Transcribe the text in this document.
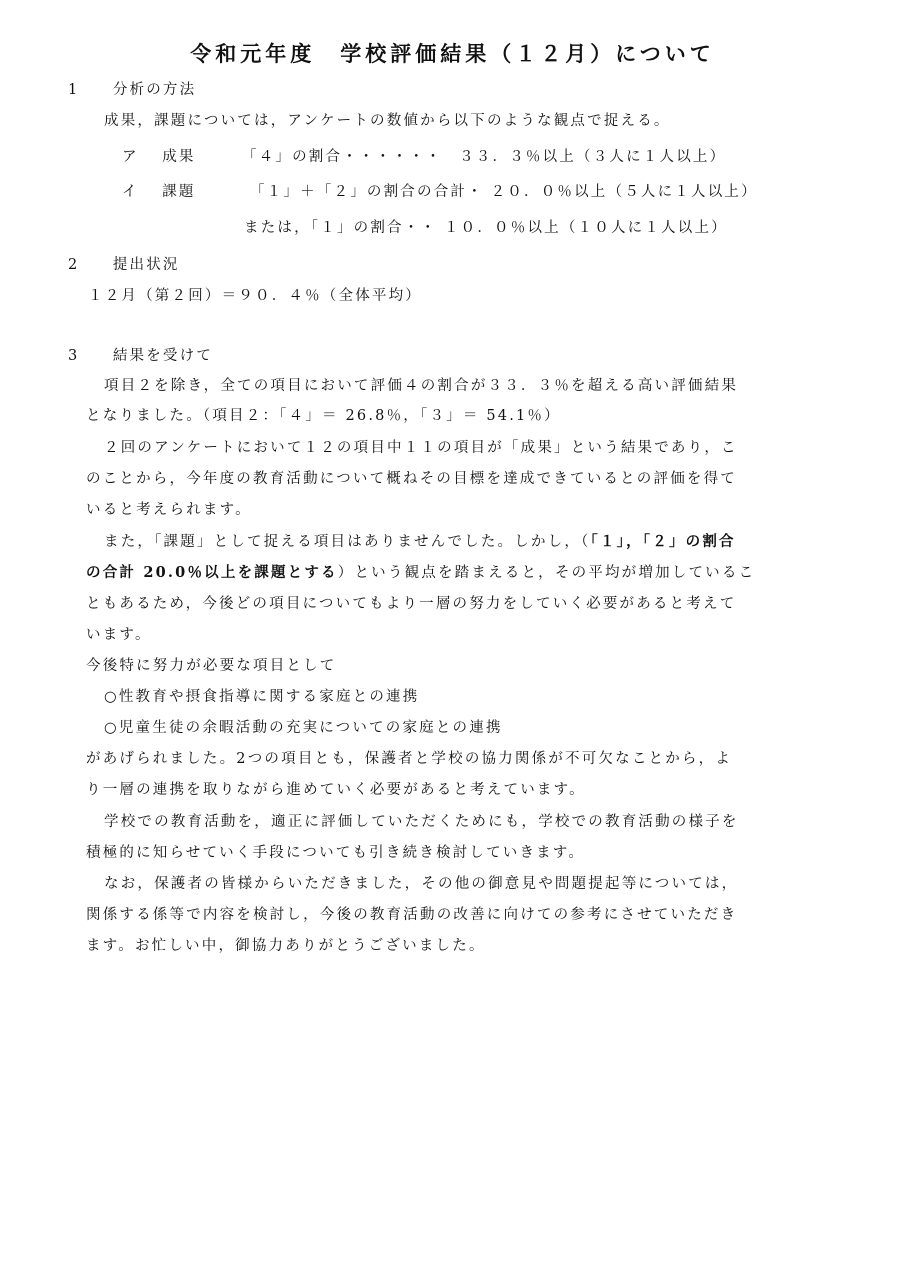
令和元年度　学校評価結果（１２月）について
1　　分析の方法
成果，課題については，アンケートの数値から以下のような観点で捉える。
ア　 成果	「４」の割合・・・・・・　３３．３％以上（３人に１人以上）
イ　 課題	「１」＋「２」の割合の合計・ ２０．０％以上（５人に１人以上）
または，「１」の割合・・ １０．０％以上（１０人に１人以上）
2　　提出状況
１２月（第２回）＝９０．４％（全体平均）
3　　結果を受けて
項目２を除き，全ての項目において評価４の割合が３３．３％を超える高い評価結果
となりました。（項目２：「４」＝ 26.8％，「３」＝ 54.1％）
２回のアンケートにおいて１２の項目中１１の項目が「成果」という結果であり，こ
のことから，今年度の教育活動について概ねその目標を達成できているとの評価を得て
いると考えられます。
また，「課題」として捉える項目はありませんでした。しかし，（「１」，「２」の割合
の合計 20.0％以上を課題とする）という観点を踏まえると，その平均が増加しているこ
ともあるため，今後どの項目についてもより一層の努力をしていく必要があると考えて
います。
今後特に努力が必要な項目として
○性教育や摂食指導に関する家庭との連携
○児童生徒の余暇活動の充実についての家庭との連携
があげられました。2つの項目とも，保護者と学校の協力関係が不可欠なことから，よ
り一層の連携を取りながら進めていく必要があると考えています。
学校での教育活動を，適正に評価していただくためにも，学校での教育活動の様子を
積極的に知らせていく手段についても引き続き検討していきます。
なお，保護者の皆様からいただきました，その他の御意見や問題提起等については，
関係する係等で内容を検討し，今後の教育活動の改善に向けての参考にさせていただき
ます。お忙しい中，御協力ありがとうございました。
